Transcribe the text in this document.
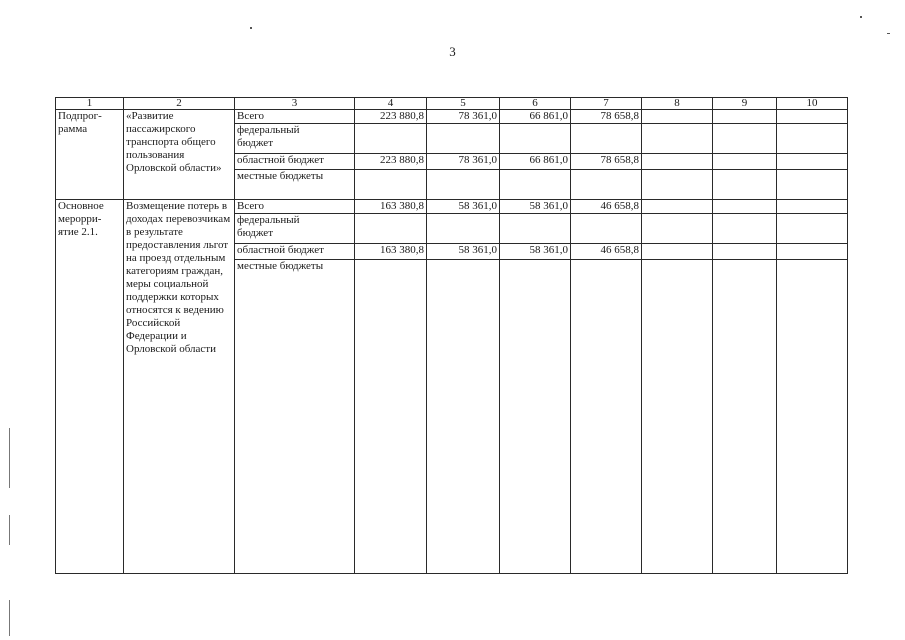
3
1	2	3	4	5	6	7	8	9	10
Подпрог- рамма	«Развитие пассажирского транспорта общего пользования Орловской области»	Всего	223 880,8	78 361,0	66 861,0	78 658,8			
		федеральный
бюджет							
		областной бюджет	223 880,8	78 361,0	66 861,0	78 658,8			
		местные бюджеты							
Основное мероpри- ятие 2.1.	Возмещение потерь в доходах перевозчикам в результате предоставления льгот на проезд отдельным категориям граждан, меры социальной поддержки которых относятся к ведению Российской Федерации и Орловской области	Всего	163 380,8	58 361,0	58 361,0	46 658,8			
		федеральный
бюджет							
		областной бюджет	163 380,8	58 361,0	58 361,0	46 658,8			
		местные бюджеты							
